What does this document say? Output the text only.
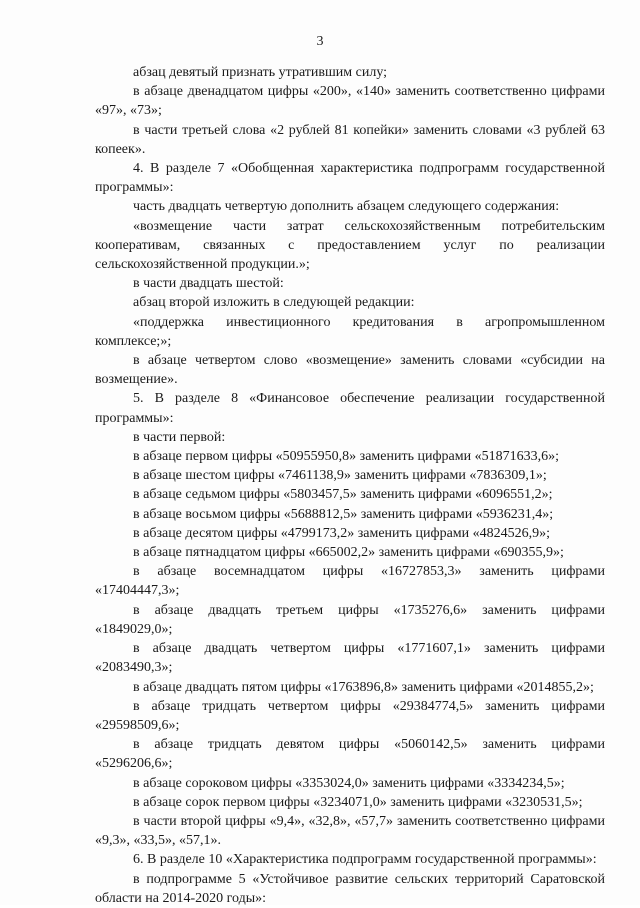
3

абзац девятый признать утратившим силу;

в абзаце двенадцатом цифры «200», «140» заменить соответственно цифрами «97», «73»;

в части третьей слова «2 рублей 81 копейки» заменить словами «3 рублей 63 копеек».

4. В разделе 7 «Обобщенная характеристика подпрограмм государственной программы»:

часть двадцать четвертую дополнить абзацем следующего содержания:

«возмещение части затрат сельскохозяйственным потребительским кооперативам, связанных с предоставлением услуг по реализации сельскохозяйственной продукции.»;

в части двадцать шестой:

абзац второй изложить в следующей редакции:

«поддержка инвестиционного кредитования в агропромышленном комплексе;»;

в абзаце четвертом слово «возмещение» заменить словами «субсидии на возмещение».

5. В разделе 8 «Финансовое обеспечение реализации государственной программы»:

в части первой:

в абзаце первом цифры «50955950,8» заменить цифрами «51871633,6»;

в абзаце шестом цифры «7461138,9» заменить цифрами «7836309,1»;

в абзаце седьмом цифры «5803457,5» заменить цифрами «6096551,2»;

в абзаце восьмом цифры «5688812,5» заменить цифрами «5936231,4»;

в абзаце десятом цифры «4799173,2» заменить цифрами «4824526,9»;

в абзаце пятнадцатом цифры «665002,2» заменить цифрами «690355,9»;

в абзаце восемнадцатом цифры «16727853,3» заменить цифрами «17404447,3»;

в абзаце двадцать третьем цифры «1735276,6» заменить цифрами «1849029,0»;

в абзаце двадцать четвертом цифры «1771607,1» заменить цифрами «2083490,3»;

в абзаце двадцать пятом цифры «1763896,8» заменить цифрами «2014855,2»;

в абзаце тридцать четвертом цифры «29384774,5» заменить цифрами «29598509,6»;

в абзаце тридцать девятом цифры «5060142,5» заменить цифрами «5296206,6»;

в абзаце сороковом цифры «3353024,0» заменить цифрами «3334234,5»;

в абзаце сорок первом цифры «3234071,0» заменить цифрами «3230531,5»;

в части второй цифры «9,4», «32,8», «57,7» заменить соответственно цифрами «9,3», «33,5», «57,1».

6. В разделе 10 «Характеристика подпрограмм государственной программы»:

в подпрограмме 5 «Устойчивое развитие сельских территорий Саратовской области на 2014-2020 годы»:
